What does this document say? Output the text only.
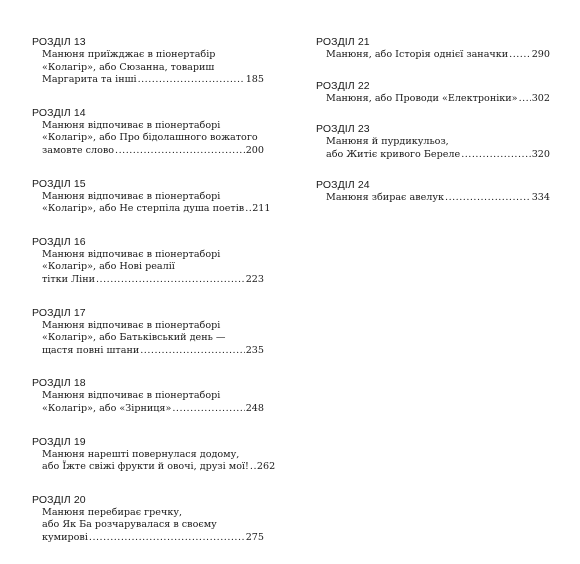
РОЗДІЛ 13
Манюня приїжджає в піонертабір
«Колагір», або Сюзанна, товариш
Маргарита та інші .....	185
РОЗДІЛ 14
Манюня відпочиває в піонертаборі
«Колагір», або Про бідолашного вожатого
замовте слово .....	200
РОЗДІЛ 15
Манюня відпочиває в піонертаборі
«Колагір», або Не стерпіла душа поетів ..... 211
РОЗДІЛ 16
Манюня відпочиває в піонертаборі
«Колагір», або Нові реалії
тітки Ліни .....	223
РОЗДІЛ 17
Манюня відпочиває в піонертаборі
«Колагір», або Батьківський день —
щастя повні штани .....	235
РОЗДІЛ 18
Манюня відпочиває в піонертаборі
«Колагір», або «Зірниця» .....	248
РОЗДІЛ 19
Манюня нарешті повернулася додому,
або Їжте свіжі фрукти й овочі, друзі мої! ..... 262
РОЗДІЛ 20
Манюня перебирає гречку,
або Як Ба розчарувалася в своєму
кумирові .....	275
РОЗДІЛ 21
Манюня, або Історія однієї заначки ..... 290
РОЗДІЛ 22
Манюня, або Проводи «Електроніки» ..... 302
РОЗДІЛ 23
Манюня й пурдикульоз,
або Житіє кривого Береле .....	320
РОЗДІЛ 24
Манюня збирає авелук .....	334
